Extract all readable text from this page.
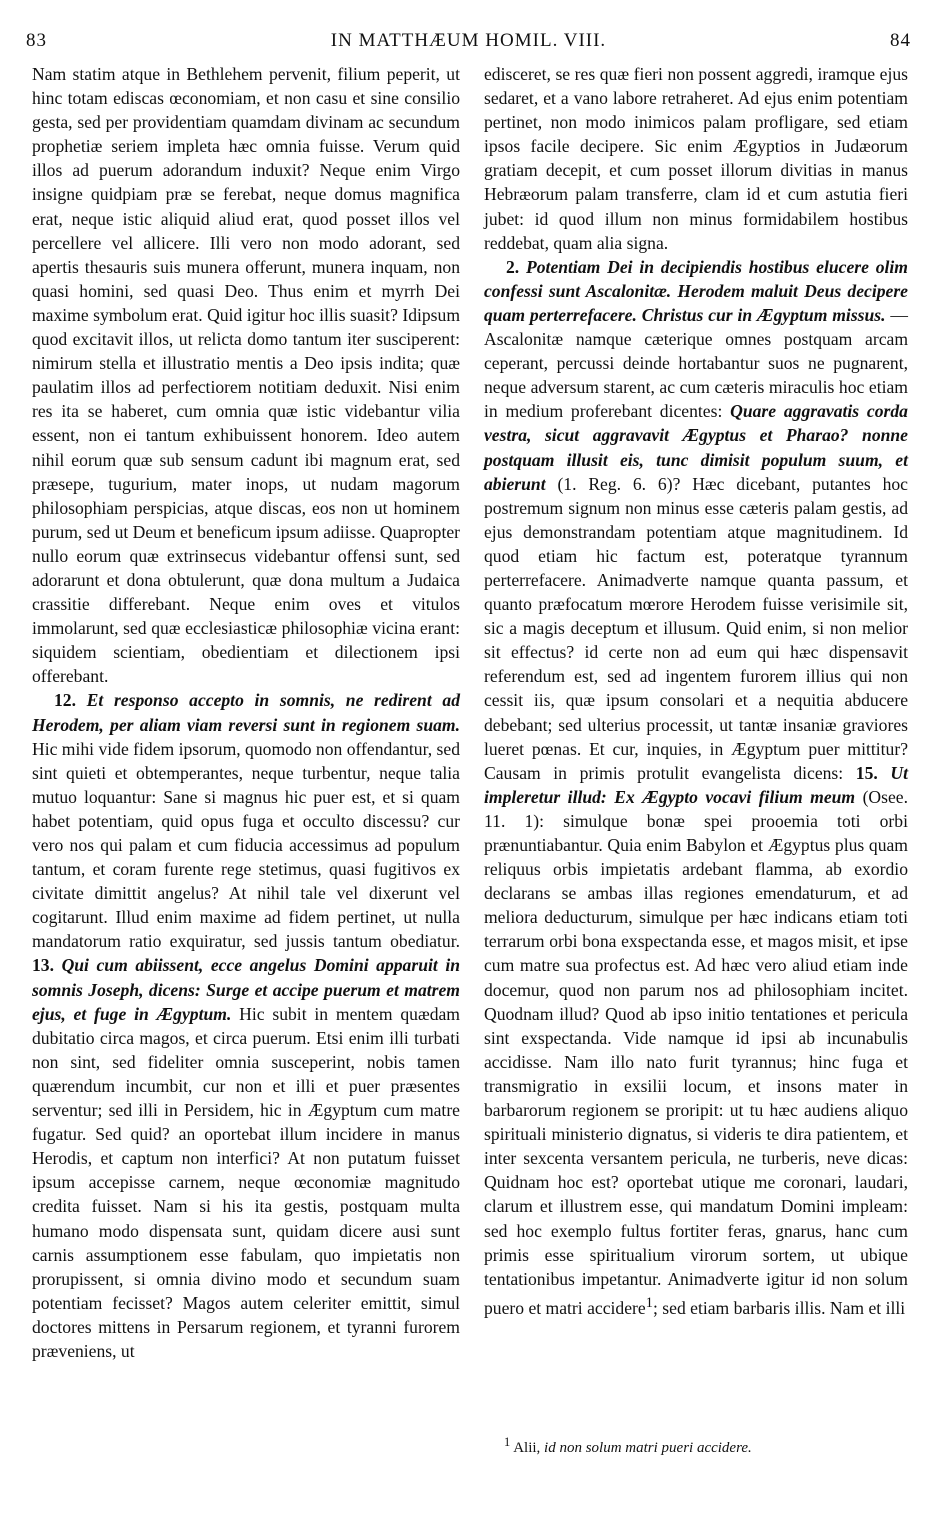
83	IN MATTHÆUM HOMIL. VIII.	84

Nam statim atque in Bethlehem pervenit, filium peperit, ut hinc totam ediscas œconomiam, et non casu et sine consilio gesta, sed per providentiam quamdam divinam ac secundum prophetiæ seriem impleta hæc omnia fuisse. Verum quid illos ad puerum adorandum induxit? Neque enim Virgo insigne quidpiam præ se ferebat, neque domus magnifica erat, neque istic aliquid aliud erat, quod posset illos vel percellere vel allicere. Illi vero non modo adorant, sed apertis thesauris suis munera offerunt, munera inquam, non quasi homini, sed quasi Deo. Thus enim et myrrh Dei maxime symbolum erat. Quid igitur hoc illis suasit? Idipsum quod excitavit illos, ut relicta domo tantum iter susciperent: nimirum stella et illustratio mentis a Deo ipsis indita; quæ paulatim illos ad perfectiorem notitiam deduxit. Nisi enim res ita se haberet, cum omnia quæ istic videbantur vilia essent, non ei tantum exhibuissent honorem. Ideo autem nihil eorum quæ sub sensum cadunt ibi magnum erat, sed præsepe, tugurium, mater inops, ut nudam magorum philosophiam perspicias, atque discas, eos non ut hominem purum, sed ut Deum et beneficum ipsum adiisse. Quapropter nullo eorum quæ extrinsecus videbantur offensi sunt, sed adorarunt et dona obtulerunt, quæ dona multum a Judaica crassitie differebant. Neque enim oves et vitulos immolarunt, sed quæ ecclesiasticæ philosophiæ vicina erant: siquidem scientiam, obedientiam et dilectionem ipsi offerebant.

12. Et responso accepto in somnis, ne redirent ad Herodem, per aliam viam reversi sunt in regionem suam. Hic mihi vide fidem ipsorum, quomodo non offendantur, sed sint quieti et obtemperantes, neque turbentur, neque talia mutuo loquantur: Sane si magnus hic puer est, et si quam habet potentiam, quid opus fuga et occulto discessu? cur vero nos qui palam et cum fiducia accessimus ad populum tantum, et coram furente rege stetimus, quasi fugitivos ex civitate dimittit angelus? At nihil tale vel dixerunt vel cogitarunt. Illud enim maxime ad fidem pertinet, ut nulla mandatorum ratio exquiratur, sed jussis tantum obediatur. 13. Qui cum abiissent, ecce angelus Domini apparuit in somnis Joseph, dicens: Surge et accipe puerum et matrem ejus, et fuge in Ægyptum. Hic subit in mentem quædam dubitatio circa magos, et circa puerum. Etsi enim illi turbati non sint, sed fideliter omnia susceperint, nobis tamen quærendum incumbit, cur non et illi et puer præsentes serventur; sed illi in Persidem, hic in Ægyptum cum matre fugatur. Sed quid? an oportebat illum incidere in manus Herodis, et captum non interfici? At non putatum fuisset ipsum accepisse carnem, neque œconomiæ magnitudo credita fuisset. Nam si his ita gestis, postquam multa humano modo dispensata sunt, quidam dicere ausi sunt carnis assumptionem esse fabulam, quo impietatis non prorupissent, si omnia divino modo et secundum suam potentiam fecisset? Magos autem celeriter emittit, simul doctores mittens in Persarum regionem, et tyranni furorem præveniens, ut

edisceret, se res quæ fieri non possent aggredi, iramque ejus sedaret, et a vano labore retraheret. Ad ejus enim potentiam pertinet, non modo inimicos palam profligare, sed etiam ipsos facile decipere. Sic enim Ægyptios in Judæorum gratiam decepit, et cum posset illorum divitias in manus Hebræorum palam transferre, clam id et cum astutia fieri jubet: id quod illum non minus formidabilem hostibus reddebat, quam alia signa.

2. Potentiam Dei in decipiendis hostibus elucere olim confessi sunt Ascalonitæ. Herodem maluit Deus decipere quam perterrefacere. Christus cur in Ægyptum missus. — Ascalonitæ namque cæterique omnes postquam arcam ceperant, percussi deinde hortabantur suos ne pugnarent, neque adversum starent, ac cum cæteris miraculis hoc etiam in medium proferebant dicentes: Quare aggravatis corda vestra, sicut aggravavit Ægyptus et Pharao? nonne postquam illusit eis, tunc dimisit populum suum, et abierunt (1. Reg. 6. 6)? Hæc dicebant, putantes hoc postremum signum non minus esse cæteris palam gestis, ad ejus demonstrandam potentiam atque magnitudinem. Id quod etiam hic factum est, poteratque tyrannum perterrefacere. Animadverte namque quanta passum, et quanto præfocatum mœrore Herodem fuisse verisimile sit, sic a magis deceptum et illusum. Quid enim, si non melior sit effectus? id certe non ad eum qui hæc dispensavit referendum est, sed ad ingentem furorem illius qui non cessit iis, quæ ipsum consolari et a nequitia abducere debebant; sed ulterius processit, ut tantæ insaniæ graviores lueret pœnas. Et cur, inquies, in Ægyptum puer mittitur? Causam in primis protulit evangelista dicens: 15. Ut impleretur illud: Ex Ægypto vocavi filium meum (Osee. 11. 1): simulque bonæ spei prooemia toti orbi prænuntiabantur. Quia enim Babylon et Ægyptus plus quam reliquus orbis impietatis ardebant flamma, ab exordio declarans se ambas illas regiones emendaturum, et ad meliora deducturum, simulque per hæc indicans etiam toti terrarum orbi bona exspectanda esse, et magos misit, et ipse cum matre sua profectus est. Ad hæc vero aliud etiam inde docemur, quod non parum nos ad philosophiam incitet. Quodnam illud? Quod ab ipso initio tentationes et pericula sint exspectanda. Vide namque id ipsi ab incunabulis accidisse. Nam illo nato furit tyrannus; hinc fuga et transmigratio in exsilii locum, et insons mater in barbarorum regionem se proripit: ut tu hæc audiens aliquo spirituali ministerio dignatus, si videris te dira patientem, et inter sexcenta versantem pericula, ne turberis, neve dicas: Quidnam hoc est? oportebat utique me coronari, laudari, clarum et illustrem esse, qui mandatum Domini impleam: sed hoc exemplo fultus fortiter feras, gnarus, hanc cum primis esse spiritualium virorum sortem, ut ubique tentationibus impetantur. Animadverte igitur id non solum puero et matri accidere$^1$; sed etiam barbaris illis. Nam et illi

$^1$ Alii, id non solum matri pueri accidere.
